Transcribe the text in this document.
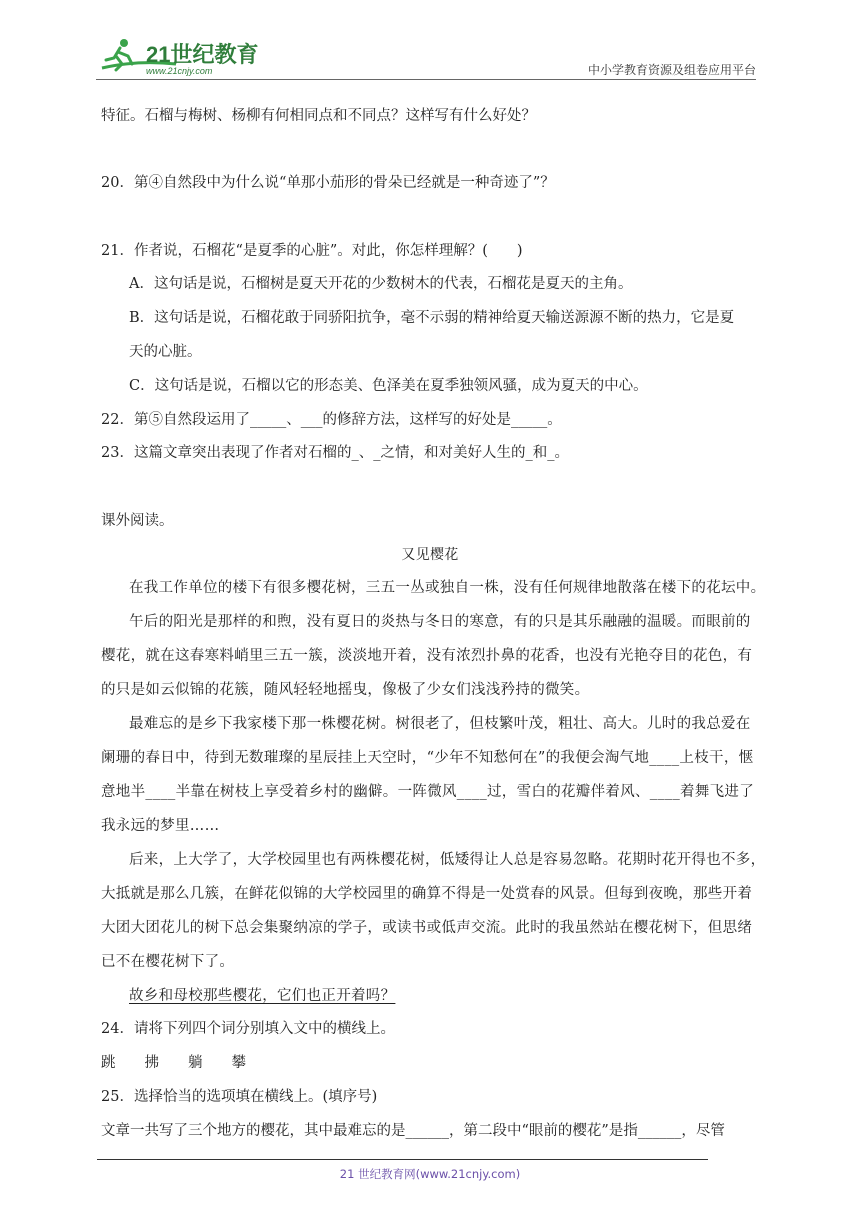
21世纪教育
www.21cnjy.com	中小学教育资源及组卷应用平台
特征。石榴与梅树、杨柳有何相同点和不同点？这样写有什么好处？
20．第④自然段中为什么说“单那小茄形的骨朵已经就是一种奇迹了”？
21．作者说，石榴花“是夏季的心脏”。对此，你怎样理解？(　　)
A．这句话是说，石榴树是夏天开花的少数树木的代表，石榴花是夏天的主角。
B．这句话是说，石榴花敢于同骄阳抗争，毫不示弱的精神给夏天输送源源不断的热力，它是夏
天的心脏。
C．这句话是说，石榴以它的形态美、色泽美在夏季独领风骚，成为夏天的中心。
22．第⑤自然段运用了_____、___的修辞方法，这样写的好处是_____。
23．这篇文章突出表现了作者对石榴的_、_之情，和对美好人生的_和_。
课外阅读。
在我工作单位的楼下有很多樱花树，三五一丛或独自一株，没有任何规律地散落在楼下的花坛中。
午后的阳光是那样的和煦，没有夏日的炎热与冬日的寒意，有的只是其乐融融的温暖。而眼前的
樱花，就在这春寒料峭里三五一簇，淡淡地开着，没有浓烈扑鼻的花香，也没有光艳夺目的花色，有
的只是如云似锦的花簇，随风轻轻地摇曳，像极了少女们浅浅矜持的微笑。
最难忘的是乡下我家楼下那一株樱花树。树很老了，但枝繁叶茂，粗壮、高大。儿时的我总爱在
阑珊的春日中，待到无数璀璨的星辰挂上天空时，“少年不知愁何在”的我便会淘气地____上枝干，惬
意地半____半靠在树枝上享受着乡村的幽僻。一阵微风____过，雪白的花瓣伴着风、____着舞飞进了
我永远的梦里……
后来，上大学了，大学校园里也有两株樱花树，低矮得让人总是容易忽略。花期时花开得也不多，
大抵就是那么几簇，在鲜花似锦的大学校园里的确算不得是一处赏春的风景。但每到夜晚，那些开着
大团大团花儿的树下总会集聚纳凉的学子，或读书或低声交流。此时的我虽然站在樱花树下，但思绪
已不在樱花树下了。
故乡和母校那些樱花，它们也正开着吗？
24．请将下列四个词分别填入文中的横线上。
跳　　拂　　躺　　攀
25．选择恰当的选项填在横线上。(填序号)
文章一共写了三个地方的樱花，其中最难忘的是______，第二段中“眼前的樱花”是指______，尽管
又见樱花
21 世纪教育网(www.21cnjy.com)
